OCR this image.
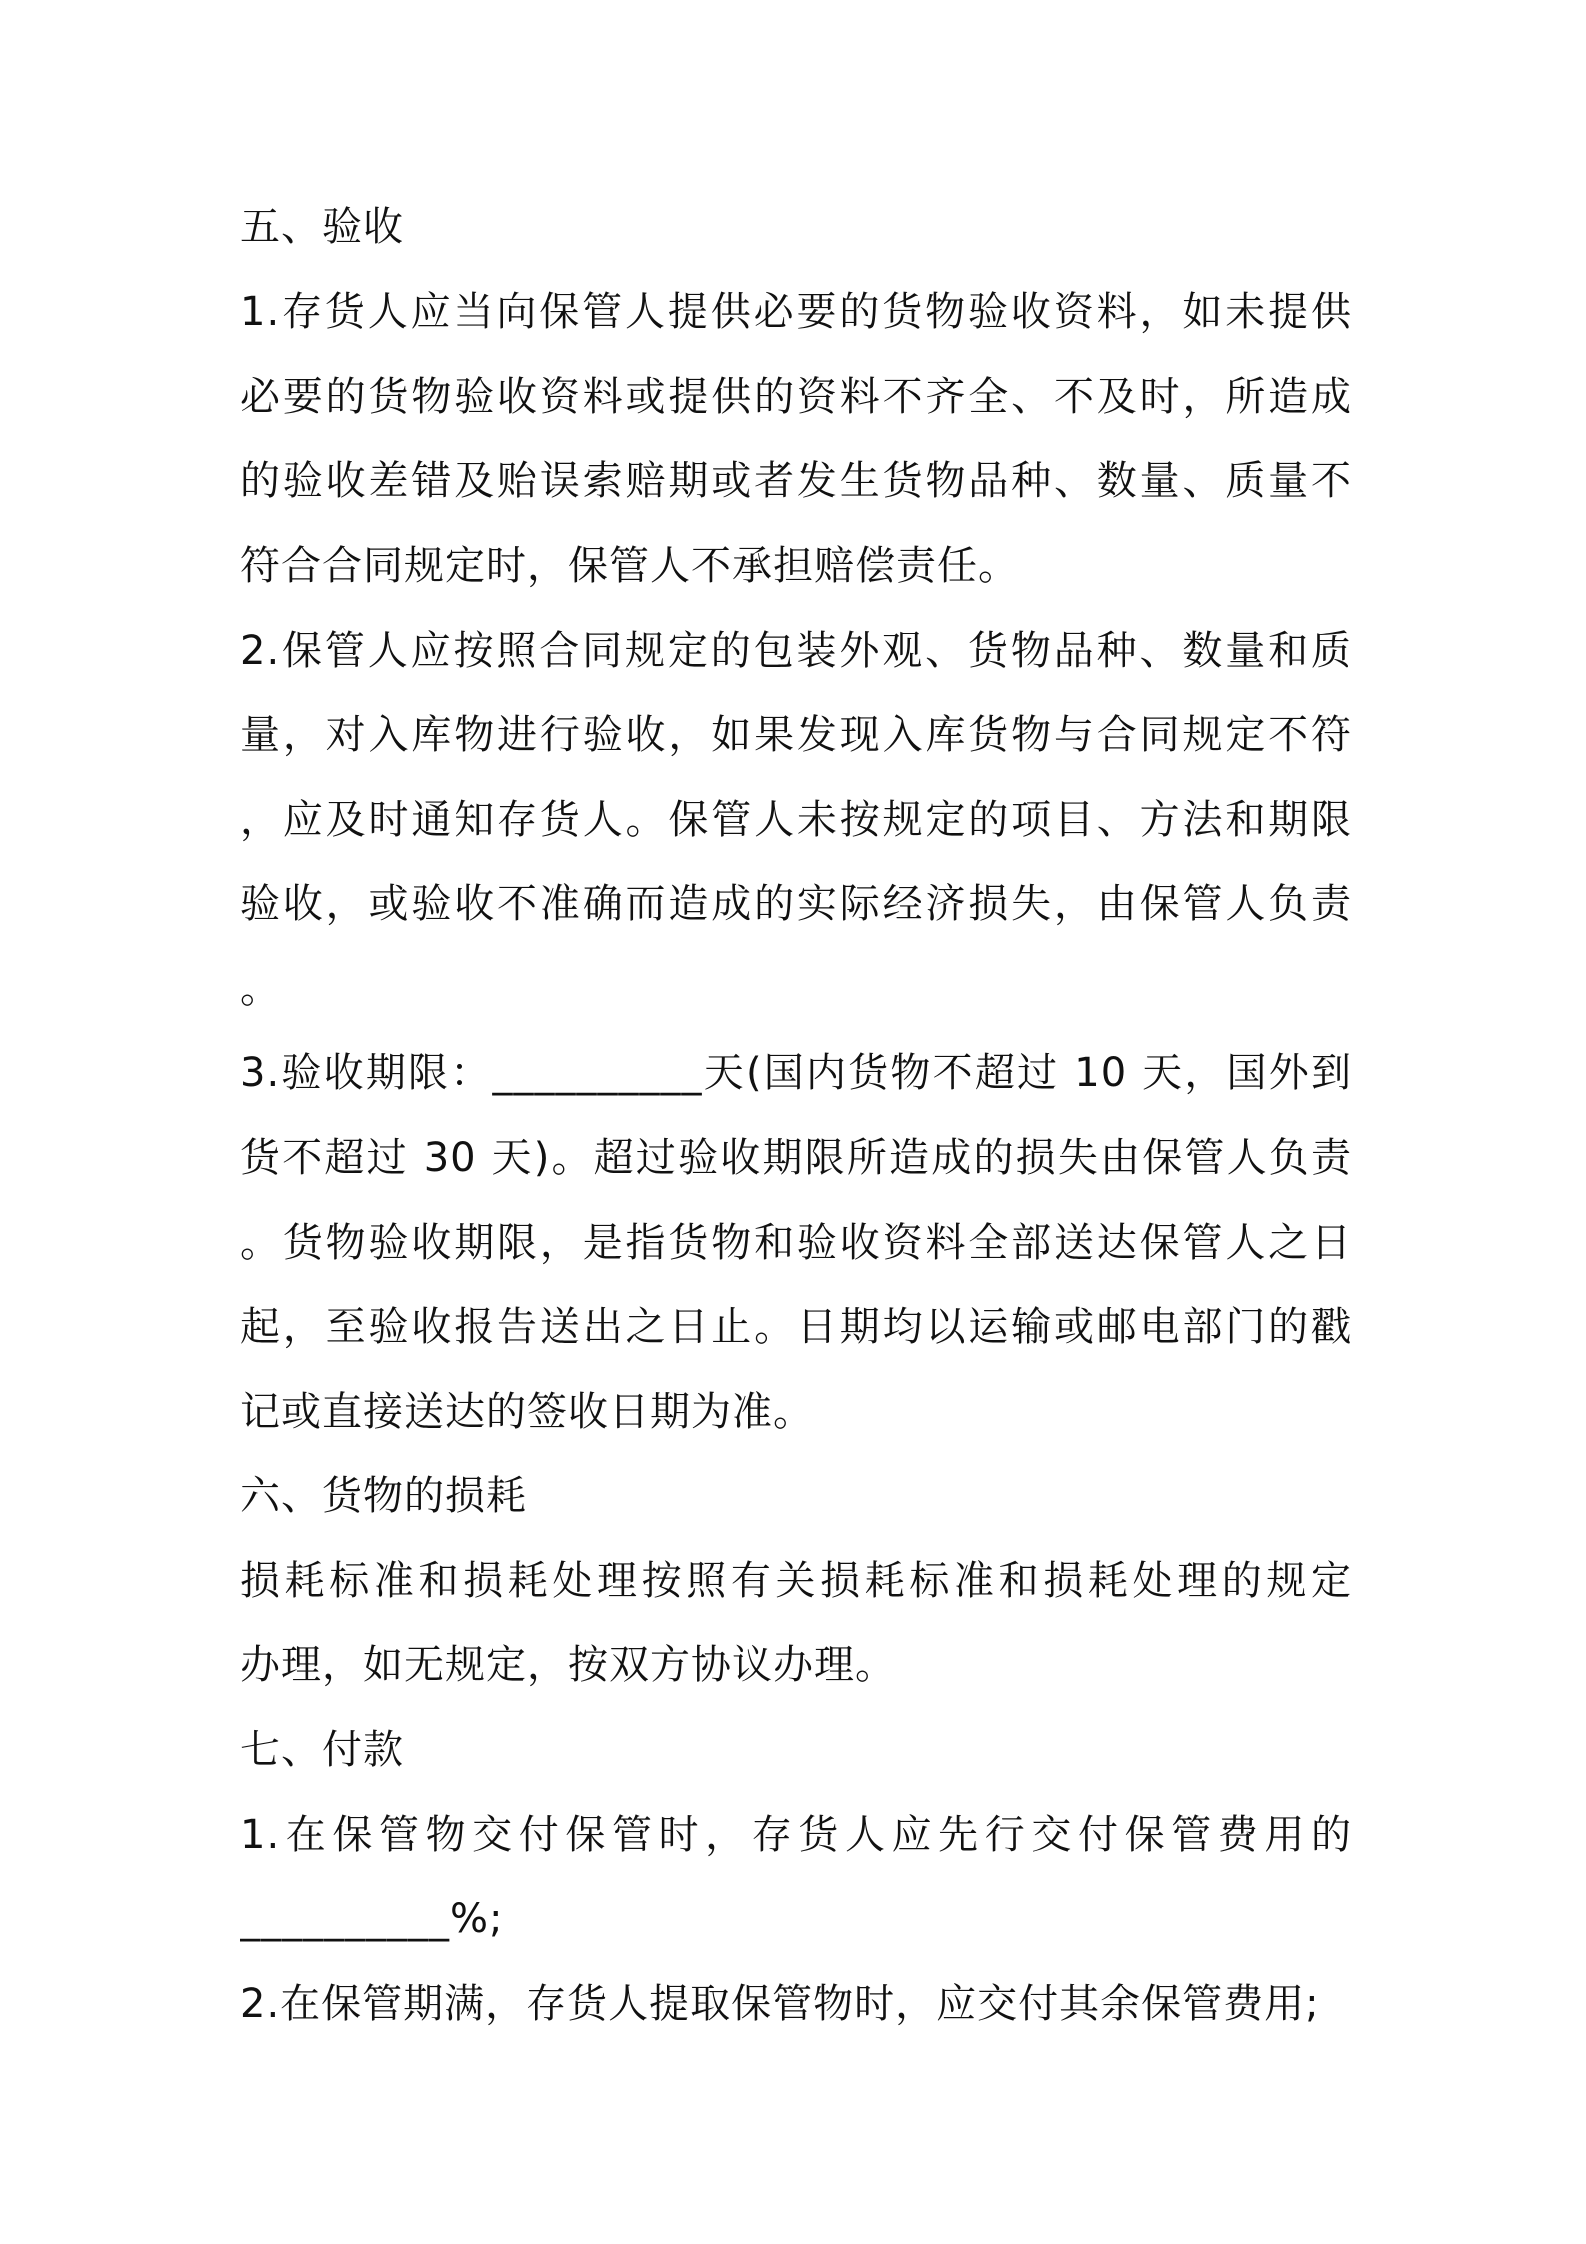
五、验收
1.存货人应当向保管人提供必要的货物验收资料，如未提供
必要的货物验收资料或提供的资料不齐全、不及时，所造成
的验收差错及贻误索赔期或者发生货物品种、数量、质量不
符合合同规定时，保管人不承担赔偿责任。
2.保管人应按照合同规定的包装外观、货物品种、数量和质
量，对入库物进行验收，如果发现入库货物与合同规定不符
，应及时通知存货人。保管人未按规定的项目、方法和期限
验收，或验收不准确而造成的实际经济损失，由保管人负责
。
3.验收期限：__________天(国内货物不超过 10 天，国外到
货不超过 30 天)。超过验收期限所造成的损失由保管人负责
。货物验收期限，是指货物和验收资料全部送达保管人之日
起，至验收报告送出之日止。日期均以运输或邮电部门的戳
记或直接送达的签收日期为准。
六、货物的损耗
损耗标准和损耗处理按照有关损耗标准和损耗处理的规定
办理，如无规定，按双方协议办理。
七、付款
1.在保管物交付保管时，存货人应先行交付保管费用的
__________%;
2.在保管期满，存货人提取保管物时，应交付其余保管费用;
